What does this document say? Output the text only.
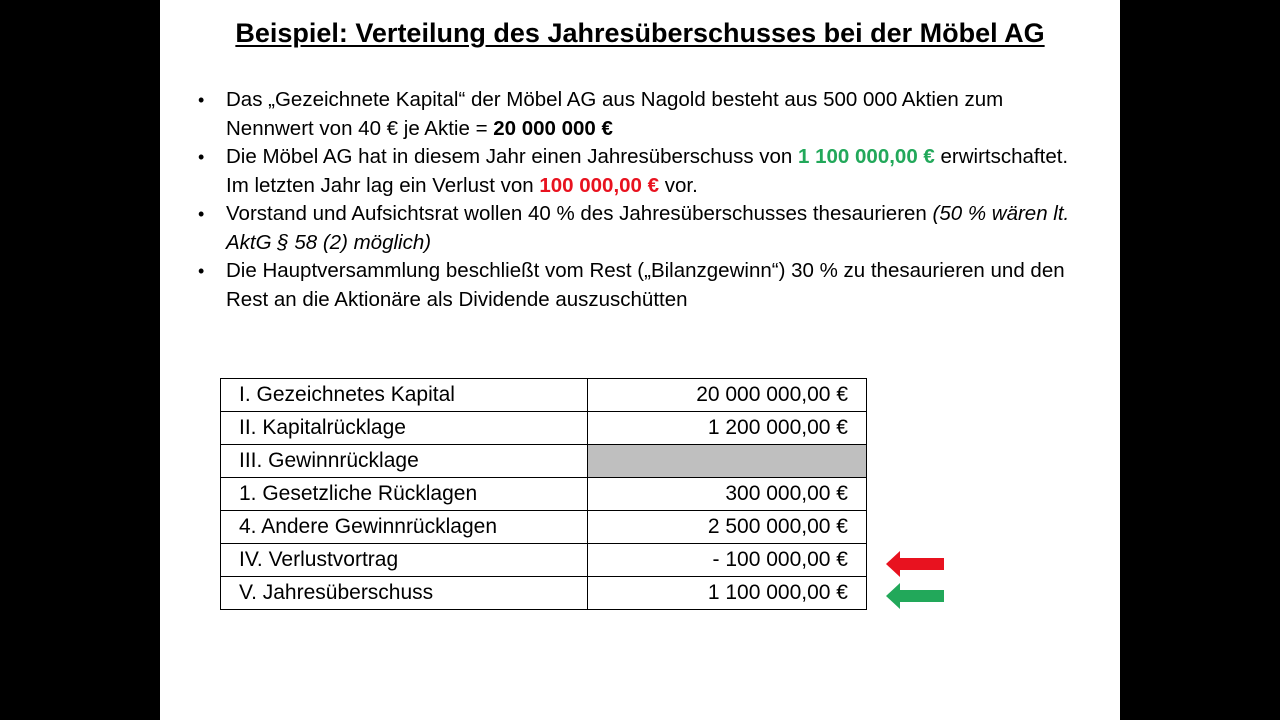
Beispiel: Verteilung des Jahresüberschusses bei der Möbel AG
• Das „Gezeichnete Kapital“ der Möbel AG aus Nagold besteht aus 500 000 Aktien zum Nennwert von 40 € je Aktie = 20 000 000 €
• Die Möbel AG hat in diesem Jahr einen Jahresüberschuss von 1 100 000,00 € erwirtschaftet. Im letzten Jahr lag ein Verlust von 100 000,00 € vor.
• Vorstand und Aufsichtsrat wollen 40 % des Jahresüberschusses thesaurieren (50 % wären lt. AktG § 58 (2) möglich)
• Die Hauptversammlung beschließt vom Rest („Bilanzgewinn“) 30 % zu thesaurieren und den Rest an die Aktionäre als Dividende auszuschütten
I. Gezeichnetes Kapital	20 000 000,00 €
II. Kapitalrücklage	1 200 000,00 €
III. Gewinnrücklage	
1. Gesetzliche Rücklagen	300 000,00 €
4. Andere Gewinnrücklagen	2 500 000,00 €
IV. Verlustvortrag	- 100 000,00 €
V. Jahresüberschuss	1 100 000,00 €
